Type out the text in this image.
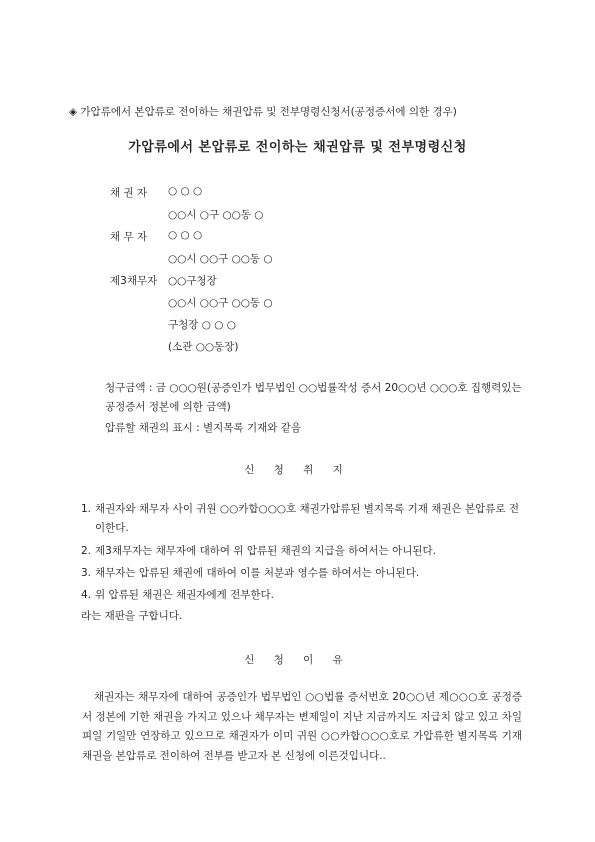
◈ 가압류에서 본압류로 전이하는 채권압류 및 전부명령신청서(공정증서에 의한 경우)
가압류에서 본압류로 전이하는 채권압류 및 전부명령신청
채 권 자 ○ ○ ○
○○시 ○구 ○○동 ○
채 무 자 ○ ○ ○
○○시 ○○구 ○○동 ○
제3채무자 ○○구청장
○○시 ○○구 ○○동 ○
구청장 ○ ○ ○
(소관 ○○동장)
청구금액 : 금 ○○○원(공증인가 법무법인 ○○법률작성 증서 20○○년 ○○○호 집행력있는 공정증서 정본에 의한 금액)
압류할 채권의 표시 : 별지목록 기재와 같음
신 청 취 지
1. 채권자와 채무자 사이 귀원 ○○카합○○○호 채권가압류된 별지목록 기재 채권은 본압류로 전이한다.
2. 제3채무자는 채무자에 대하여 위 압류된 채권의 지급을 하여서는 아니된다.
3. 채무자는 압류된 채권에 대하여 이를 처분과 영수를 하여서는 아니된다.
4. 위 압류된 채권은 채권자에게 전부한다.
라는 재판을 구합니다.
신 청 이 유
채권자는 채무자에 대하여 공증인가 법무법인 ○○법률 증서번호 20○○년 제○○○호 공정증서 정본에 기한 채권을 가지고 있으나 채무자는 변제일이 지난 지금까지도 지급치 않고 있고 차일피일 기일만 연장하고 있으므로 채권자가 이미 귀원 ○○카합○○○호로 가압류한 별지목록 기재 채권을 본압류로 전이하여 전부를 받고자 본 신청에 이른것입니다..
